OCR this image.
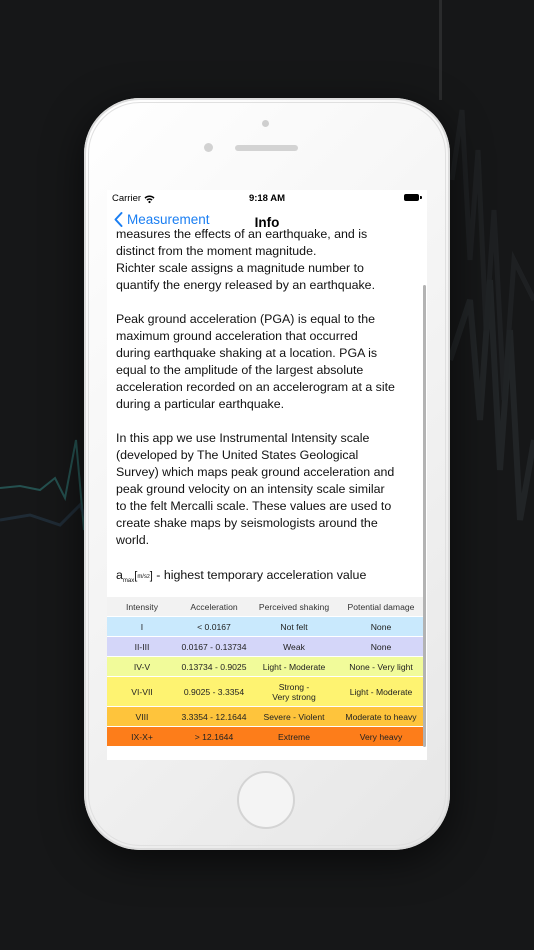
Carrier	9:18 AM
Measurement	Info
measures the effects of an earthquake, and is

distinct from the moment magnitude.
Richter scale assigns a magnitude number to
quantify the energy released by an earthquake.

Peak ground acceleration (PGA) is equal to the
maximum ground acceleration that occurred
during earthquake shaking at a location. PGA is
equal to the amplitude of the largest absolute
acceleration recorded on an accelerogram at a site
during a particular earthquake.

In this app we use Instrumental Intensity scale
(developed by The United States Geological
Survey) which maps peak ground acceleration and
peak ground velocity on an intensity scale similar
to the felt Mercalli scale. These values are used to
create shake maps by seismologists around the
world.

$a_{max}[m/s^2]$ - highest temporary acceleration value
Intensity	Acceleration	Perceived shaking	Potential damage
I	< 0.0167	Not felt	None
II-III	0.0167 - 0.13734	Weak	None
IV-V	0.13734 - 0.9025	Light - Moderate	None - Very light
VI-VII	0.9025 - 3.3354	Strong -
Very strong	Light - Moderate
VIII	3.3354 - 12.1644	Severe - Violent	Moderate to heavy
IX-X+	> 12.1644	Extreme	Very heavy
